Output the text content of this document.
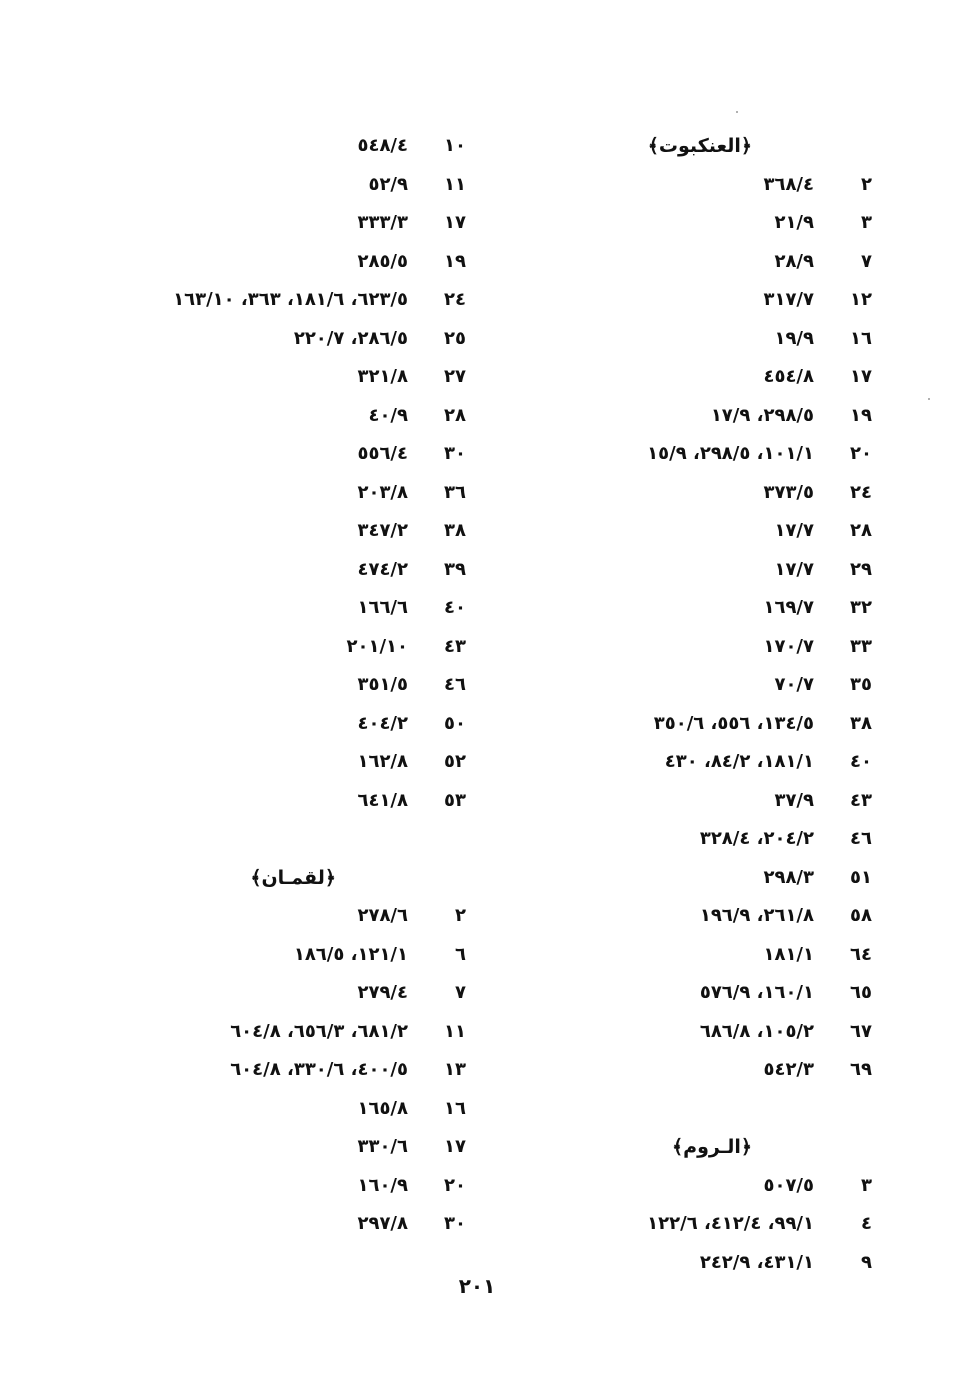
﴿العنكبوت﴾
٢
٣٦٨/٤
٣
٢١/٩
٧
٢٨/٩
١٢
٣١٧/٧
١٦
١٩/٩
١٧
٤٥٤/٨
١٩
٢٩٨/٥، ١٧/٩
٢٠
١٠١/١، ٢٩٨/٥، ١٥/٩
٢٤
٣٧٣/٥
٢٨
١٧/٧
٢٩
١٧/٧
٣٢
١٦٩/٧
٣٣
١٧٠/٧
٣٥
٧٠/٧
٣٨
١٣٤/٥، ٥٥٦، ٣٥٠/٦
٤٠
١٨١/١، ٨٤/٢، ٤٣٠
٤٣
٣٧/٩
٤٦
٢٠٤/٢، ٣٢٨/٤
٥١
٢٩٨/٣
٥٨
٢٦١/٨، ١٩٦/٩
٦٤
١٨١/١
٦٥
١٦٠/١، ٥٧٦/٩
٦٧
١٠٥/٢، ٦٨٦/٨
٦٩
٥٤٢/٣
﴿الـروم﴾
٣
٥٠٧/٥
٤
٩٩/١، ٤١٢/٤، ١٢٢/٦
٩
٤٣١/١، ٢٤٢/٩
١٠
٥٤٨/٤
١١
٥٢/٩
١٧
٣٣٣/٣
١٩
٢٨٥/٥
٢٤
٦٢٣/٥، ١٨١/٦، ٣٦٣، ١٦٣/١٠
٢٥
٢٨٦/٥، ٢٢٠/٧
٢٧
٣٢١/٨
٢٨
٤٠/٩
٣٠
٥٥٦/٤
٣٦
٢٠٣/٨
٣٨
٣٤٧/٢
٣٩
٤٧٤/٢
٤٠
١٦٦/٦
٤٣
٢٠١/١٠
٤٦
٣٥١/٥
٥٠
٤٠٤/٢
٥٢
١٦٢/٨
٥٣
٦٤١/٨
﴿لقمـان﴾
٢
٢٧٨/٦
٦
١٢١/١، ١٨٦/٥
٧
٢٧٩/٤
١١
٦٨١/٢، ٦٥٦/٣، ٦٠٤/٨
١٣
٤٠٠/٥، ٣٣٠/٦، ٦٠٤/٨
١٦
١٦٥/٨
١٧
٣٣٠/٦
٢٠
١٦٠/٩
٣٠
٢٩٧/٨
٢٠١
